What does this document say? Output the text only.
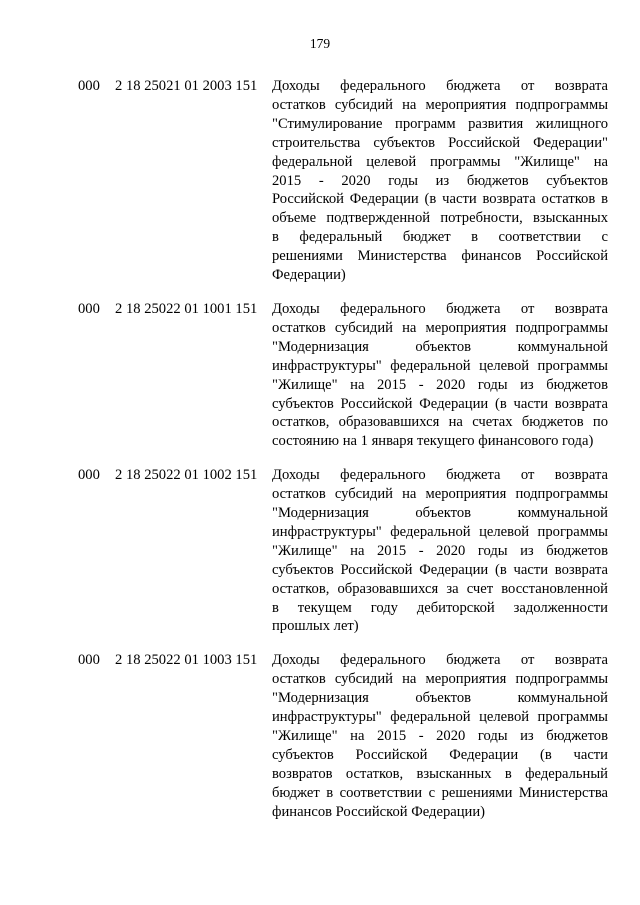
179
000 2 18 25021 01 2003 151 Доходы федерального бюджета от возврата
остатков субсидий на мероприятия подпрограммы
"Стимулирование программ развития жилищного
строительства субъектов Российской Федерации"
федеральной целевой программы "Жилище" на
2015 - 2020 годы из бюджетов субъектов
Российской Федерации (в части возврата остатков в
объеме подтвержденной потребности, взысканных
в федеральный бюджет в соответствии с
решениями Министерства финансов Российской
Федерации)
000 2 18 25022 01 1001 151 Доходы федерального бюджета от возврата
остатков субсидий на мероприятия подпрограммы
"Модернизация объектов коммунальной
инфраструктуры" федеральной целевой программы
"Жилище" на 2015 - 2020 годы из бюджетов
субъектов Российской Федерации (в части возврата
остатков, образовавшихся на счетах бюджетов по
состоянию на 1 января текущего финансового года)
000 2 18 25022 01 1002 151 Доходы федерального бюджета от возврата
остатков субсидий на мероприятия подпрограммы
"Модернизация объектов коммунальной
инфраструктуры" федеральной целевой программы
"Жилище" на 2015 - 2020 годы из бюджетов
субъектов Российской Федерации (в части возврата
остатков, образовавшихся за счет восстановленной
в текущем году дебиторской задолженности
прошлых лет)
000 2 18 25022 01 1003 151 Доходы федерального бюджета от возврата
остатков субсидий на мероприятия подпрограммы
"Модернизация объектов коммунальной
инфраструктуры" федеральной целевой программы
"Жилище" на 2015 - 2020 годы из бюджетов
субъектов Российской Федерации (в части
возвратов остатков, взысканных в федеральный
бюджет в соответствии с решениями Министерства
финансов Российской Федерации)
